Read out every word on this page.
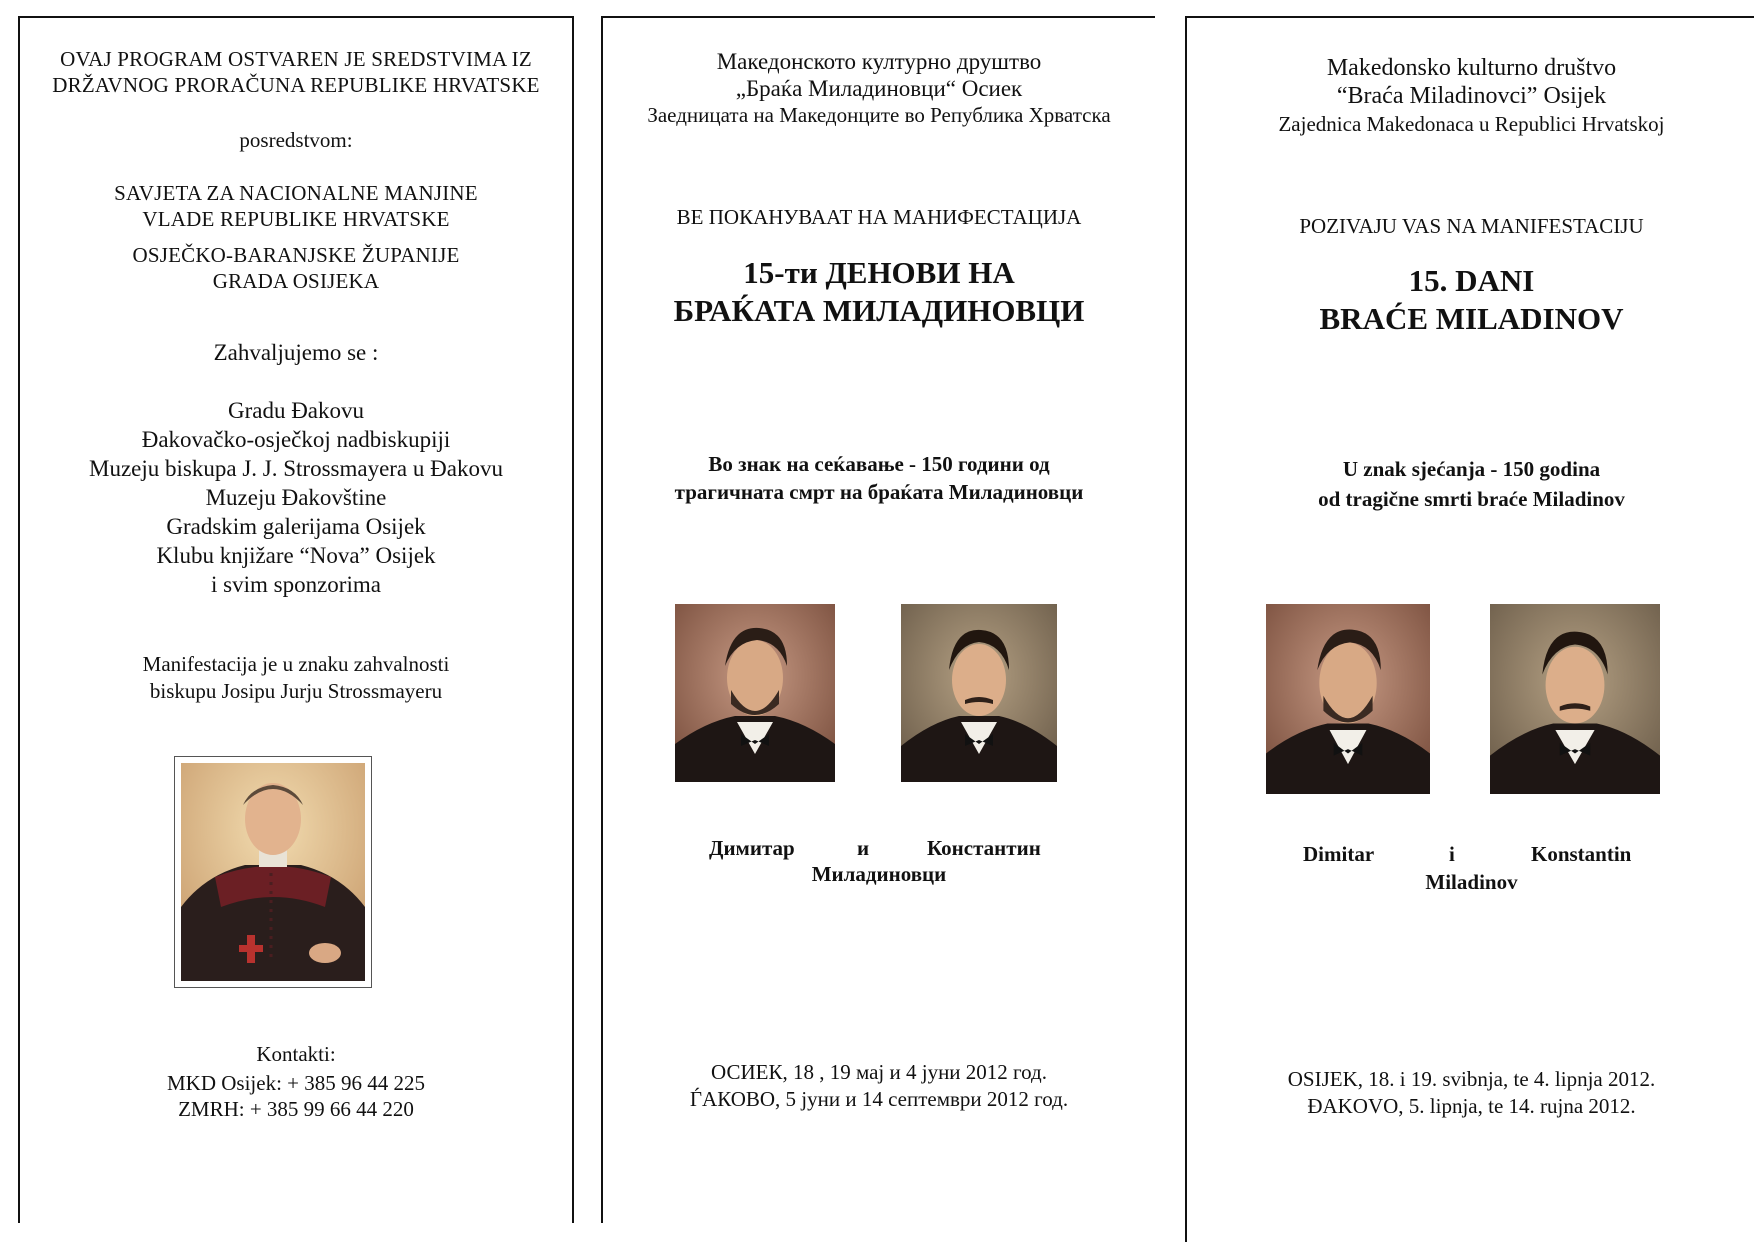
OVAJ PROGRAM OSTVAREN JE SREDSTVIMA IZ
DRŽAVNOG PRORAČUNA REPUBLIKE HRVATSKE
posredstvom:
SAVJETA ZA NACIONALNE MANJINE
VLADE REPUBLIKE HRVATSKE
OSJEČKO-BARANJSKE ŽUPANIJE
GRADA OSIJEKA
Zahvaljujemo se :
Gradu Đakovu
Đakovačko-osječkoj nadbiskupiji
Muzeju biskupa J. J. Strossmayera u Đakovu
Muzeju Đakovštine
Gradskim galerijama Osijek
Klubu knjižare “Nova” Osijek
i svim sponzorima
Manifestacija je u znaku zahvalnosti
biskupu Josipu Jurju Strossmayeru
Kontakti:
MKD Osijek: + 385 96 44 225
ZMRH: + 385 99 66 44 220
Македонското културно друштво
„Браќа Миладиновци“ Осиек
Заедницата на Македонците во Република Хрватска
ВЕ ПОКАНУВААТ НА МАНИФЕСТАЦИЈА
15-ти ДЕНОВИ НА
БРАЌАТА МИЛАДИНОВЦИ
Во знак на сеќавање - 150 години од
трагичната смрт на браќата Миладиновци
Димитар	и	Константин
Миладиновци
ОСИЕК, 18 , 19 мај и 4 јуни 2012 год.
ЃАКОВО, 5 јуни и 14 септември 2012 год.
Makedonsko kulturno društvo
“Braća Miladinovci” Osijek
Zajednica Makedonaca u Republici Hrvatskoj
POZIVAJU VAS NA MANIFESTACIJU
15. DANI
BRAĆE MILADINOV
U znak sjećanja - 150 godina
od tragične smrti braće Miladinov
Dimitar	i	Konstantin
Miladinov
OSIJEK, 18. i 19. svibnja, te 4. lipnja 2012.
ĐAKOVO, 5. lipnja, te 14. rujna 2012.
